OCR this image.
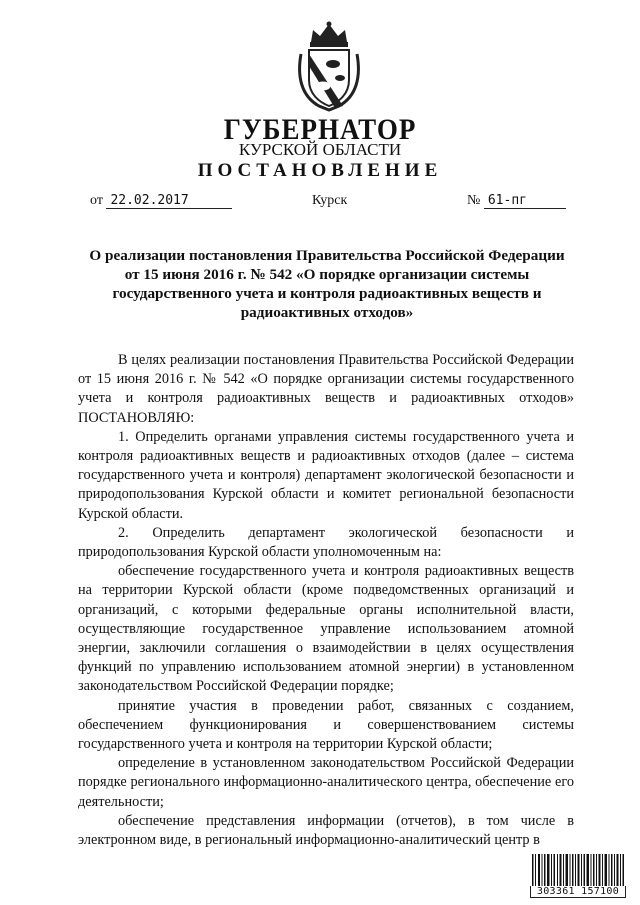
ГУБЕРНАТОР
КУРСКОЙ ОБЛАСТИ
ПОСТАНОВЛЕНИЕ
от 22.02.2017	Курск	№ 61-пг
О реализации постановления Правительства Российской Федерации от 15 июня 2016 г. № 542 «О порядке организации системы государственного учета и контроля радиоактивных веществ и радиоактивных отходов»

В целях реализации постановления Правительства Российской Федерации от 15 июня 2016 г. № 542 «О порядке организации системы государственного учета и контроля радиоактивных веществ и радиоактивных отходов» ПОСТАНОВЛЯЮ:

1. Определить органами управления системы государственного учета и контроля радиоактивных веществ и радиоактивных отходов (далее – система государственного учета и контроля) департамент экологической безопасности и природопользования Курской области и комитет региональной безопасности Курской области.

2. Определить департамент экологической безопасности и природопользования Курской области уполномоченным на:

обеспечение государственного учета и контроля радиоактивных веществ на территории Курской области (кроме подведомственных организаций и организаций, с которыми федеральные органы исполнительной власти, осуществляющие государственное управление использованием атомной энергии, заключили соглашения о взаимодействии в целях осуществления функций по управлению использованием атомной энергии) в установленном законодательством Российской Федерации порядке;

принятие участия в проведении работ, связанных с созданием, обеспечением функционирования и совершенствованием системы государственного учета и контроля на территории Курской области;

определение в установленном законодательством Российской Федерации порядке регионального информационно-аналитического центра, обеспечение его деятельности;

обеспечение представления информации (отчетов), в том числе в электронном виде, в региональный информационно-аналитический центр в

303361 157100
